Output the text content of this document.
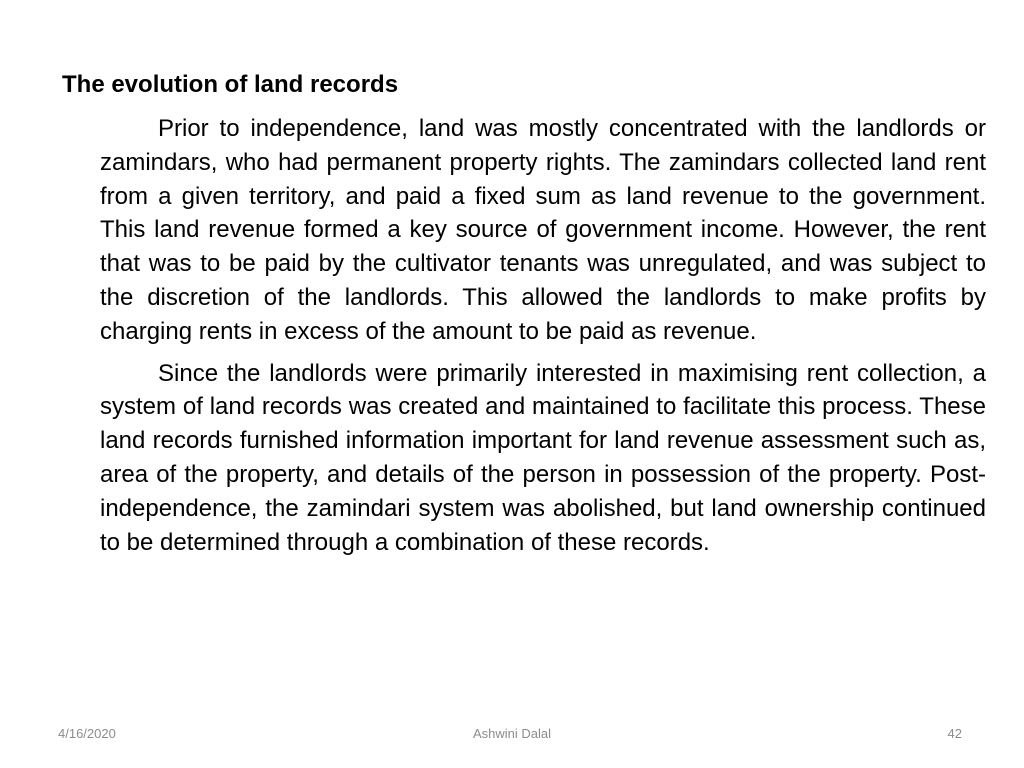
The evolution of land records

Prior to independence, land was mostly concentrated with the landlords or zamindars, who had permanent property rights. The zamindars collected land rent from a given territory, and paid a fixed sum as land revenue to the government. This land revenue formed a key source of government income. However, the rent that was to be paid by the cultivator tenants was unregulated, and was subject to the discretion of the landlords. This allowed the landlords to make profits by charging rents in excess of the amount to be paid as revenue.

Since the landlords were primarily interested in maximising rent collection, a system of land records was created and maintained to facilitate this process. These land records furnished information important for land revenue assessment such as, area of the property, and details of the person in possession of the property. Post-independence, the zamindari system was abolished, but land ownership continued to be determined through a combination of these records.

4/16/2020	Ashwini Dalal	42
